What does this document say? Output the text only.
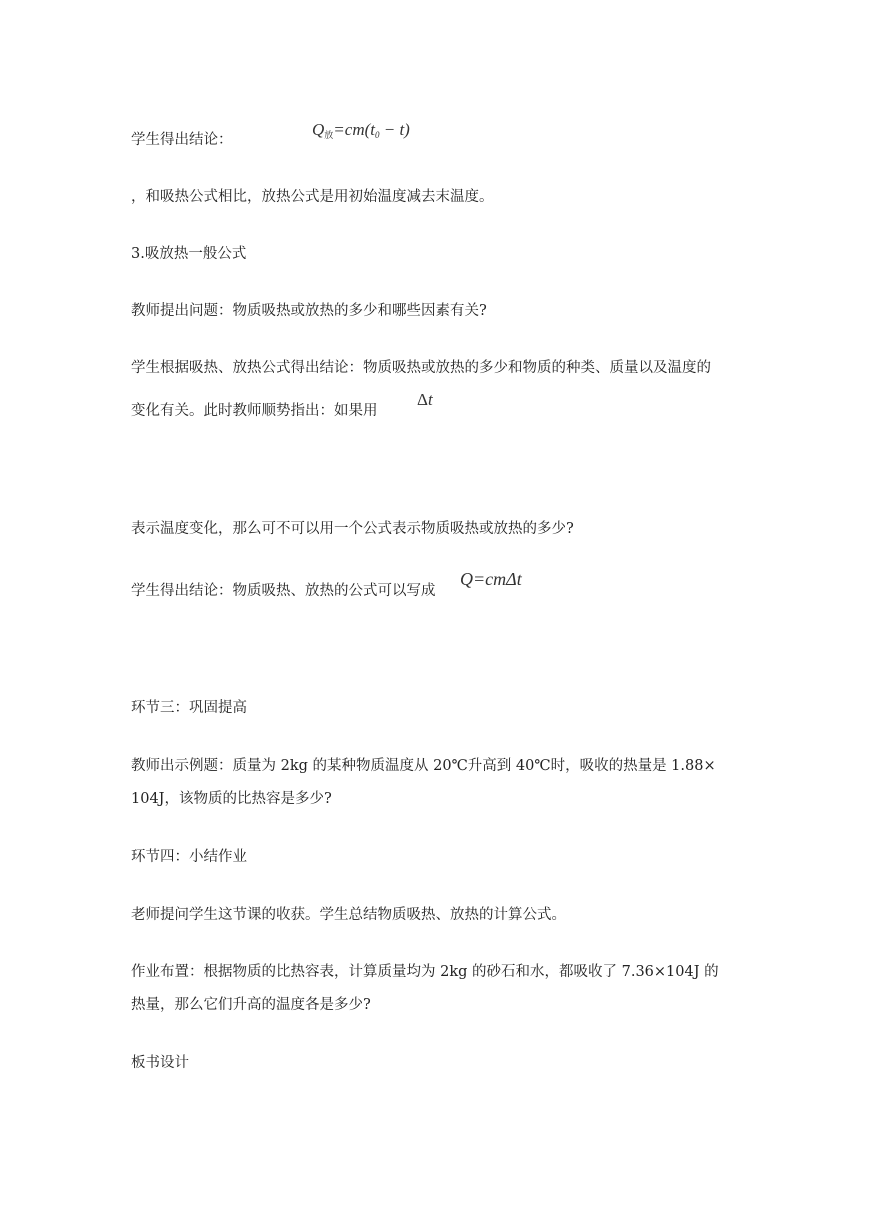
学生得出结论：
$Q_放=cm(t0 - t)$
，和吸热公式相比，放热公式是用初始温度减去末温度。
3.吸放热一般公式
教师提出问题：物质吸热或放热的多少和哪些因素有关?
学生根据吸热、放热公式得出结论：物质吸热或放热的多少和物质的种类、质量以及温度的
变化有关。此时教师顺势指出：如果用
Δt
表示温度变化，那么可不可以用一个公式表示物质吸热或放热的多少?
学生得出结论：物质吸热、放热的公式可以写成
Q=cmΔt
环节三：巩固提高
教师出示例题：质量为 2kg 的某种物质温度从 20℃升高到 40℃时，吸收的热量是 1.88×
104J，该物质的比热容是多少?
环节四：小结作业
老师提问学生这节课的收获。学生总结物质吸热、放热的计算公式。
作业布置：根据物质的比热容表，计算质量均为 2kg 的砂石和水，都吸收了 7.36×104J 的
热量，那么它们升高的温度各是多少?
板书设计
